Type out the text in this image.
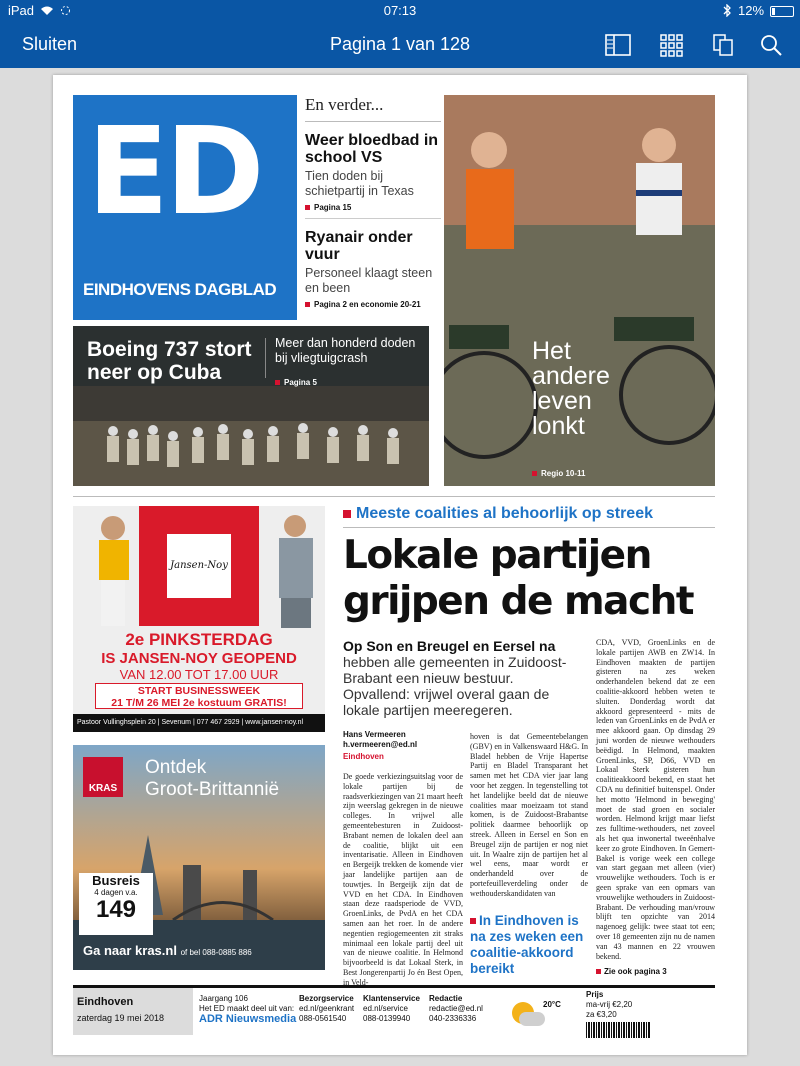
iPad	07:13	12%
Sluiten	Pagina 1 van 128
ED
EINDHOVENS DAGBLAD
En verder...
Weer bloedbad in school VS

Tien doden bij schietpartij in Texas

Pagina 15
Ryanair onder vuur

Personeel klaagt steen en been

Pagina 2 en economie 20-21
Boeing 737 stort neer op Cuba
Meer dan honderd doden bij vliegtuigcrash
Pagina 5
Het andere leven lonkt
Regio 10-11
Meeste coalities al behoorlijk op streek
Lokale partijen grijpen de macht
Op Son en Breugel en Eersel na hebben alle gemeenten in Zuidoost-Brabant een nieuw bestuur. Opvallend: vrijwel overal gaan de lokale partijen meeregeren.
Hans Vermeeren
h.vermeeren@ed.nl
Eindhoven
De goede verkiezingsuitslag voor de lokale partijen bij de raadsverkiezingen van 21 maart heeft zijn weerslag gekregen in de nieuwe colleges. In vrijwel alle gemeentebesturen in Zuidoost-Brabant nemen de lokalen deel aan de coalitie, blijkt uit een inventarisatie. Alleen in Eindhoven en Bergeijk trekken de komende vier jaar landelijke partijen aan de touwtjes. In Bergeijk zijn dat de VVD en het CDA. In Eindhoven staan deze raadsperiode de VVD, GroenLinks, de PvdA en het CDA samen aan het roer. In de andere negentien regiogemeenten zit straks minimaal een lokale partij deel uit van de nieuwe coalitie. In Helmond bijvoorbeeld is dat Lokaal Sterk, in Best Jongerenpartij Jo én Best Open, in Veld-
hoven is dat Gemeentebelangen (GBV) en in Valkenswaard H&G. In Bladel hebben de Vrije Hapertse Partij en Bladel Transparant het samen met het CDA vier jaar lang voor het zeggen. In tegenstelling tot het landelijke beeld dat de nieuwe coalities maar moeizaam tot stand komen, is de Zuidoost-Brabantse politiek daarmee behoorlijk op streek. Alleen in Eersel en Son en Breugel zijn de partijen er nog niet uit. In Waalre zijn de partijen het al wel eens, maar wordt er onderhandeld over de portefeuilleverdeling onder de wethouderskandidaten van
In Eindhoven is na zes weken een coalitie-akkoord bereikt
CDA, VVD, GroenLinks en de lokale partijen AWB en ZW14. In Eindhoven maakten de partijen gisteren na zes weken onderhandelen bekend dat ze een coalitie-akkoord hebben weten te sluiten. Donderdag wordt dat akkoord gepresenteerd - mits de leden van GroenLinks en de PvdA er mee akkoord gaan. Op dinsdag 29 juni worden de nieuwe wethouders beëdigd. In Helmond, maakten GroenLinks, SP, D66, VVD en Lokaal Sterk gisteren hun coalitieakkoord bekend, en staat het CDA nu definitief buitenspel. Onder het motto 'Helmond in beweging' moet de stad groen en socialer worden. Helmond krijgt maar liefst zes fulltime-wethouders, net zoveel als het qua inwonertal tweeënhalve keer zo grote Eindhoven. In Gemert-Bakel is vorige week een college van start gegaan met alleen (vier) vrouwelijke wethouders. Toch is er geen sprake van een opmars van vrouwelijke wethouders in Zuidoost-Brabant. De verhouding man/vrouw blijft ten opzichte van 2014 nagenoeg gelijk: twee staat tot een; over 18 gemeenten zijn nu de namen van 43 mannen en 22 vrouwen bekend.
Zie ook pagina 3
Jansen-Noy
2e PINKSTERDAG
IS JANSEN-NOY GEOPEND
VAN 12.00 TOT 17.00 UUR
START BUSINESSWEEK
21 T/M 26 MEI 2e kostuum GRATIS!
Pastoor Vullinghsplein 20 | Sevenum | 077 467 2929 | www.jansen-noy.nl
KRAS
Ontdek
Groot-Brittannië
Busreis
4 dagen v.a.
149
Ga naar kras.nl of bel 088-0885 886
Eindhoven
zaterdag 19 mei 2018
Jaargang 106
Het ED maakt deel uit van:
ADR Nieuwsmedia
Bezorgservice
ed.nl/geenkrant
088-0561540
Klantenservice
ed.nl/service
088-0139940
Redactie
redactie@ed.nl
040-2336336
20°C
Prijs
ma-vrij €2,20
za €3,20
